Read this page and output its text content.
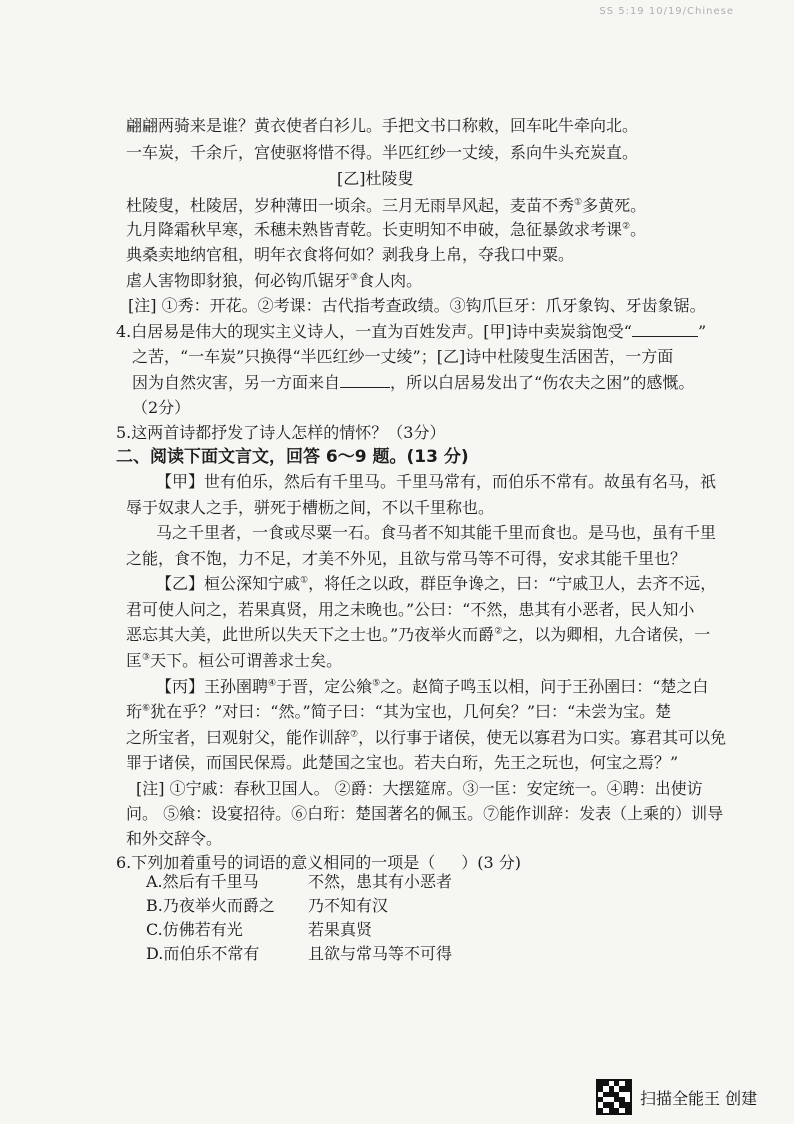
SS 5:19 10/19/Chinese
翩翩两骑来是谁？黄衣使者白衫儿。手把文书口称敕，回车叱牛牵向北。
一车炭，千余斤，宫使驱将惜不得。半匹红纱一丈绫，系向牛头充炭直。
[乙]杜陵叟
杜陵叟，杜陵居，岁种薄田一顷余。三月无雨旱风起，麦苗不秀①多黄死。
九月降霜秋早寒，禾穗未熟皆青乾。长吏明知不申破，急征暴敛求考课②。
典桑卖地纳官租，明年衣食将何如？剥我身上帛，夺我口中粟。
虐人害物即豺狼，何必钩爪锯牙③食人肉。
[注] ①秀：开花。②考课：古代指考查政绩。③钩爪巨牙：爪牙象钩、牙齿象锯。
4.白居易是伟大的现实主义诗人，一直为百姓发声。[甲]诗中卖炭翁饱受“	”
之苦，“一车炭”只换得“半匹红纱一丈绫”；[乙]诗中杜陵叟生活困苦，一方面
因为自然灾害，另一方面来自	，所以白居易发出了“伤农夫之困”的感慨。
（2分）
5.这两首诗都抒发了诗人怎样的情怀？（3分）
二、阅读下面文言文，回答 6～9 题。(13 分)
【甲】世有伯乐，然后有千里马。千里马常有，而伯乐不常有。故虽有名马，祇
辱于奴隶人之手，骈死于槽枥之间，不以千里称也。
马之千里者，一食或尽粟一石。食马者不知其能千里而食也。是马也，虽有千里
之能，食不饱，力不足，才美不外见，且欲与常马等不可得，安求其能千里也？
【乙】桓公深知宁戚①，将任之以政，群臣争谗之，曰：“宁戚卫人，去齐不远，
君可使人问之，若果真贤，用之未晚也。”公曰：“不然，患其有小恶者，民人知小
恶忘其大美，此世所以失天下之士也。”乃夜举火而爵②之，以为卿相，九合诸侯，一
匡③天下。桓公可谓善求士矣。
【丙】王孙圉聘④于晋，定公飨⑤之。赵简子鸣玉以相，问于王孙圉曰：“楚之白
珩⑥犹在乎？”对曰：“然。”简子曰：“其为宝也，几何矣？”曰：“未尝为宝。楚
之所宝者，曰观射父，能作训辞⑦，以行事于诸侯，使无以寡君为口实。寡君其可以免
罪于诸侯，而国民保焉。此楚国之宝也。若夫白珩，先王之玩也，何宝之焉？”
[注] ①宁戚：春秋卫国人。 ②爵：大摆筵席。③一匡：安定统一。④聘：出使访
问。 ⑤飨：设宴招待。⑥白珩：楚国著名的佩玉。⑦能作训辞：发表（上乘的）训导
和外交辞令。
6.下列加着重号的词语的意义相同的一项是（ ）(3 分)
A.然后有千里马	不然，患其有小恶者
B.乃夜举火而爵之 乃不知有汉
C.仿佛若有光	若果真贤
D.而伯乐不常有	且欲与常马等不可得
扫描全能王 创建
